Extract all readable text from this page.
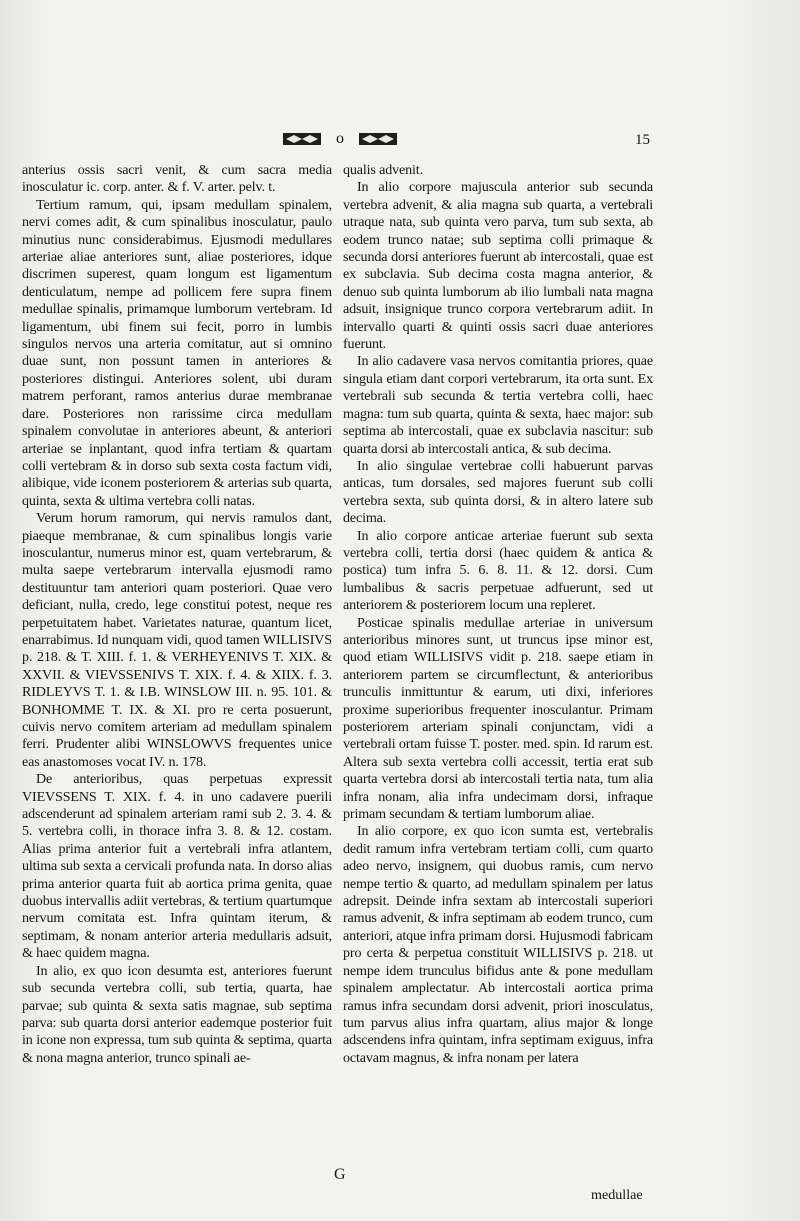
o	15

anterius ossis sacri venit, & cum sacra media inosculatur ic. corp. anter. & f. V. arter. pelv. t.

Tertium ramum, qui, ipsam medullam spinalem, nervi comes adit, & cum spinalibus inosculatur, paulo minutius nunc considerabimus. Ejusmodi medullares arteriae aliae anteriores sunt, aliae posteriores, idque discrimen superest, quam longum est ligamentum denticulatum, nempe ad pollicem fere supra finem medullae spinalis, primamque lumborum vertebram. Id ligamentum, ubi finem sui fecit, porro in lumbis singulos nervos una arteria comitatur, aut si omnino duae sunt, non possunt tamen in anteriores & posteriores distingui. Anteriores solent, ubi duram matrem perforant, ramos anterius durae membranae dare. Posteriores non rarissime circa medullam spinalem convolutae in anteriores abeunt, & anteriori arteriae se inplantant, quod infra tertiam & quartam colli vertebram & in dorso sub sexta costa factum vidi, alibique, vide iconem posteriorem & arterias sub quarta, quinta, sexta & ultima vertebra colli natas.

Verum horum ramorum, qui nervis ramulos dant, piaeque membranae, & cum spinalibus longis varie inosculantur, numerus minor est, quam vertebrarum, & multa saepe vertebrarum intervalla ejusmodi ramo destituuntur tam anteriori quam posteriori. Quae vero deficiant, nulla, credo, lege constitui potest, neque res perpetuitatem habet. Varietates naturae, quantum licet, enarrabimus. Id nunquam vidi, quod tamen WILLISIVS p. 218. & T. XIII. f. 1. & VERHEYENIVS T. XIX. & XXVII. & VIEVSSENIVS T. XIX. f. 4. & XIIX. f. 3. RIDLEYVS T. 1. & I.B. WINSLOW III. n. 95. 101. & BONHOMME T. IX. & XI. pro re certa posuerunt, cuivis nervo comitem arteriam ad medullam spinalem ferri. Prudenter alibi WINSLOWVS frequentes unice eas anastomoses vocat IV. n. 178.

De anterioribus, quas perpetuas expressit VIEVSSENS T. XIX. f. 4. in uno cadavere puerili adscenderunt ad spinalem arteriam rami sub 2. 3. 4. & 5. vertebra colli, in thorace infra 3. 8. & 12. costam. Alias prima anterior fuit a vertebrali infra atlantem, ultima sub sexta a cervicali profunda nata. In dorso alias prima anterior quarta fuit ab aortica prima genita, quae duobus intervallis adiit vertebras, & tertium quartumque nervum comitata est. Infra quintam iterum, & septimam, & nonam anterior arteria medullaris adsuit, & haec quidem magna.

In alio, ex quo icon desumta est, anteriores fuerunt sub secunda vertebra colli, sub tertia, quarta, hae parvae; sub quinta & sexta satis magnae, sub septima parva: sub quarta dorsi anterior eademque posterior fuit in icone non expressa, tum sub quinta & septima, quarta & nona magna anterior, trunco spinali ae-

qualis advenit.

In alio corpore majuscula anterior sub secunda vertebra advenit, & alia magna sub quarta, a vertebrali utraque nata, sub quinta vero parva, tum sub sexta, ab eodem trunco natae; sub septima colli primaque & secunda dorsi anteriores fuerunt ab intercostali, quae est ex subclavia. Sub decima costa magna anterior, & denuo sub quinta lumborum ab ilio lumbali nata magna adsuit, insignique trunco corpora vertebrarum adiit. In intervallo quarti & quinti ossis sacri duae anteriores fuerunt.

In alio cadavere vasa nervos comitantia priores, quae singula etiam dant corpori vertebrarum, ita orta sunt. Ex vertebrali sub secunda & tertia vertebra colli, haec magna: tum sub quarta, quinta & sexta, haec major: sub septima ab intercostali, quae ex subclavia nascitur: sub quarta dorsi ab intercostali antica, & sub decima.

In alio singulae vertebrae colli habuerunt parvas anticas, tum dorsales, sed majores fuerunt sub colli vertebra sexta, sub quinta dorsi, & in altero latere sub decima.

In alio corpore anticae arteriae fuerunt sub sexta vertebra colli, tertia dorsi (haec quidem & antica & postica) tum infra 5. 6. 8. 11. & 12. dorsi. Cum lumbalibus & sacris perpetuae adfuerunt, sed ut anteriorem & posteriorem locum una repleret.

Posticae spinalis medullae arteriae in universum anterioribus minores sunt, ut truncus ipse minor est, quod etiam WILLISIVS vidit p. 218. saepe etiam in anteriorem partem se circumflectunt, & anterioribus trunculis inmittuntur & earum, uti dixi, inferiores proxime superioribus frequenter inosculantur. Primam posteriorem arteriam spinali conjunctam, vidi a vertebrali ortam fuisse T. poster. med. spin. Id rarum est. Altera sub sexta vertebra colli accessit, tertia erat sub quarta vertebra dorsi ab intercostali tertia nata, tum alia infra nonam, alia infra undecimam dorsi, infraque primam secundam & tertiam lumborum aliae.

In alio corpore, ex quo icon sumta est, vertebralis dedit ramum infra vertebram tertiam colli, cum quarto adeo nervo, insignem, qui duobus ramis, cum nervo nempe tertio & quarto, ad medullam spinalem per latus adrepsit. Deinde infra sextam ab intercostali superiori ramus advenit, & infra septimam ab eodem trunco, cum anteriori, atque infra primam dorsi. Hujusmodi fabricam pro certa & perpetua constituit WILLISIVS p. 218. ut nempe idem trunculus bifidus ante & pone medullam spinalem amplectatur. Ab intercostali aortica prima ramus infra secundam dorsi advenit, priori inosculatus, tum parvus alius infra quartam, alius major & longe adscendens infra quintam, infra septimam exiguus, infra octavam magnus, & infra nonam per latera

G
medullae
